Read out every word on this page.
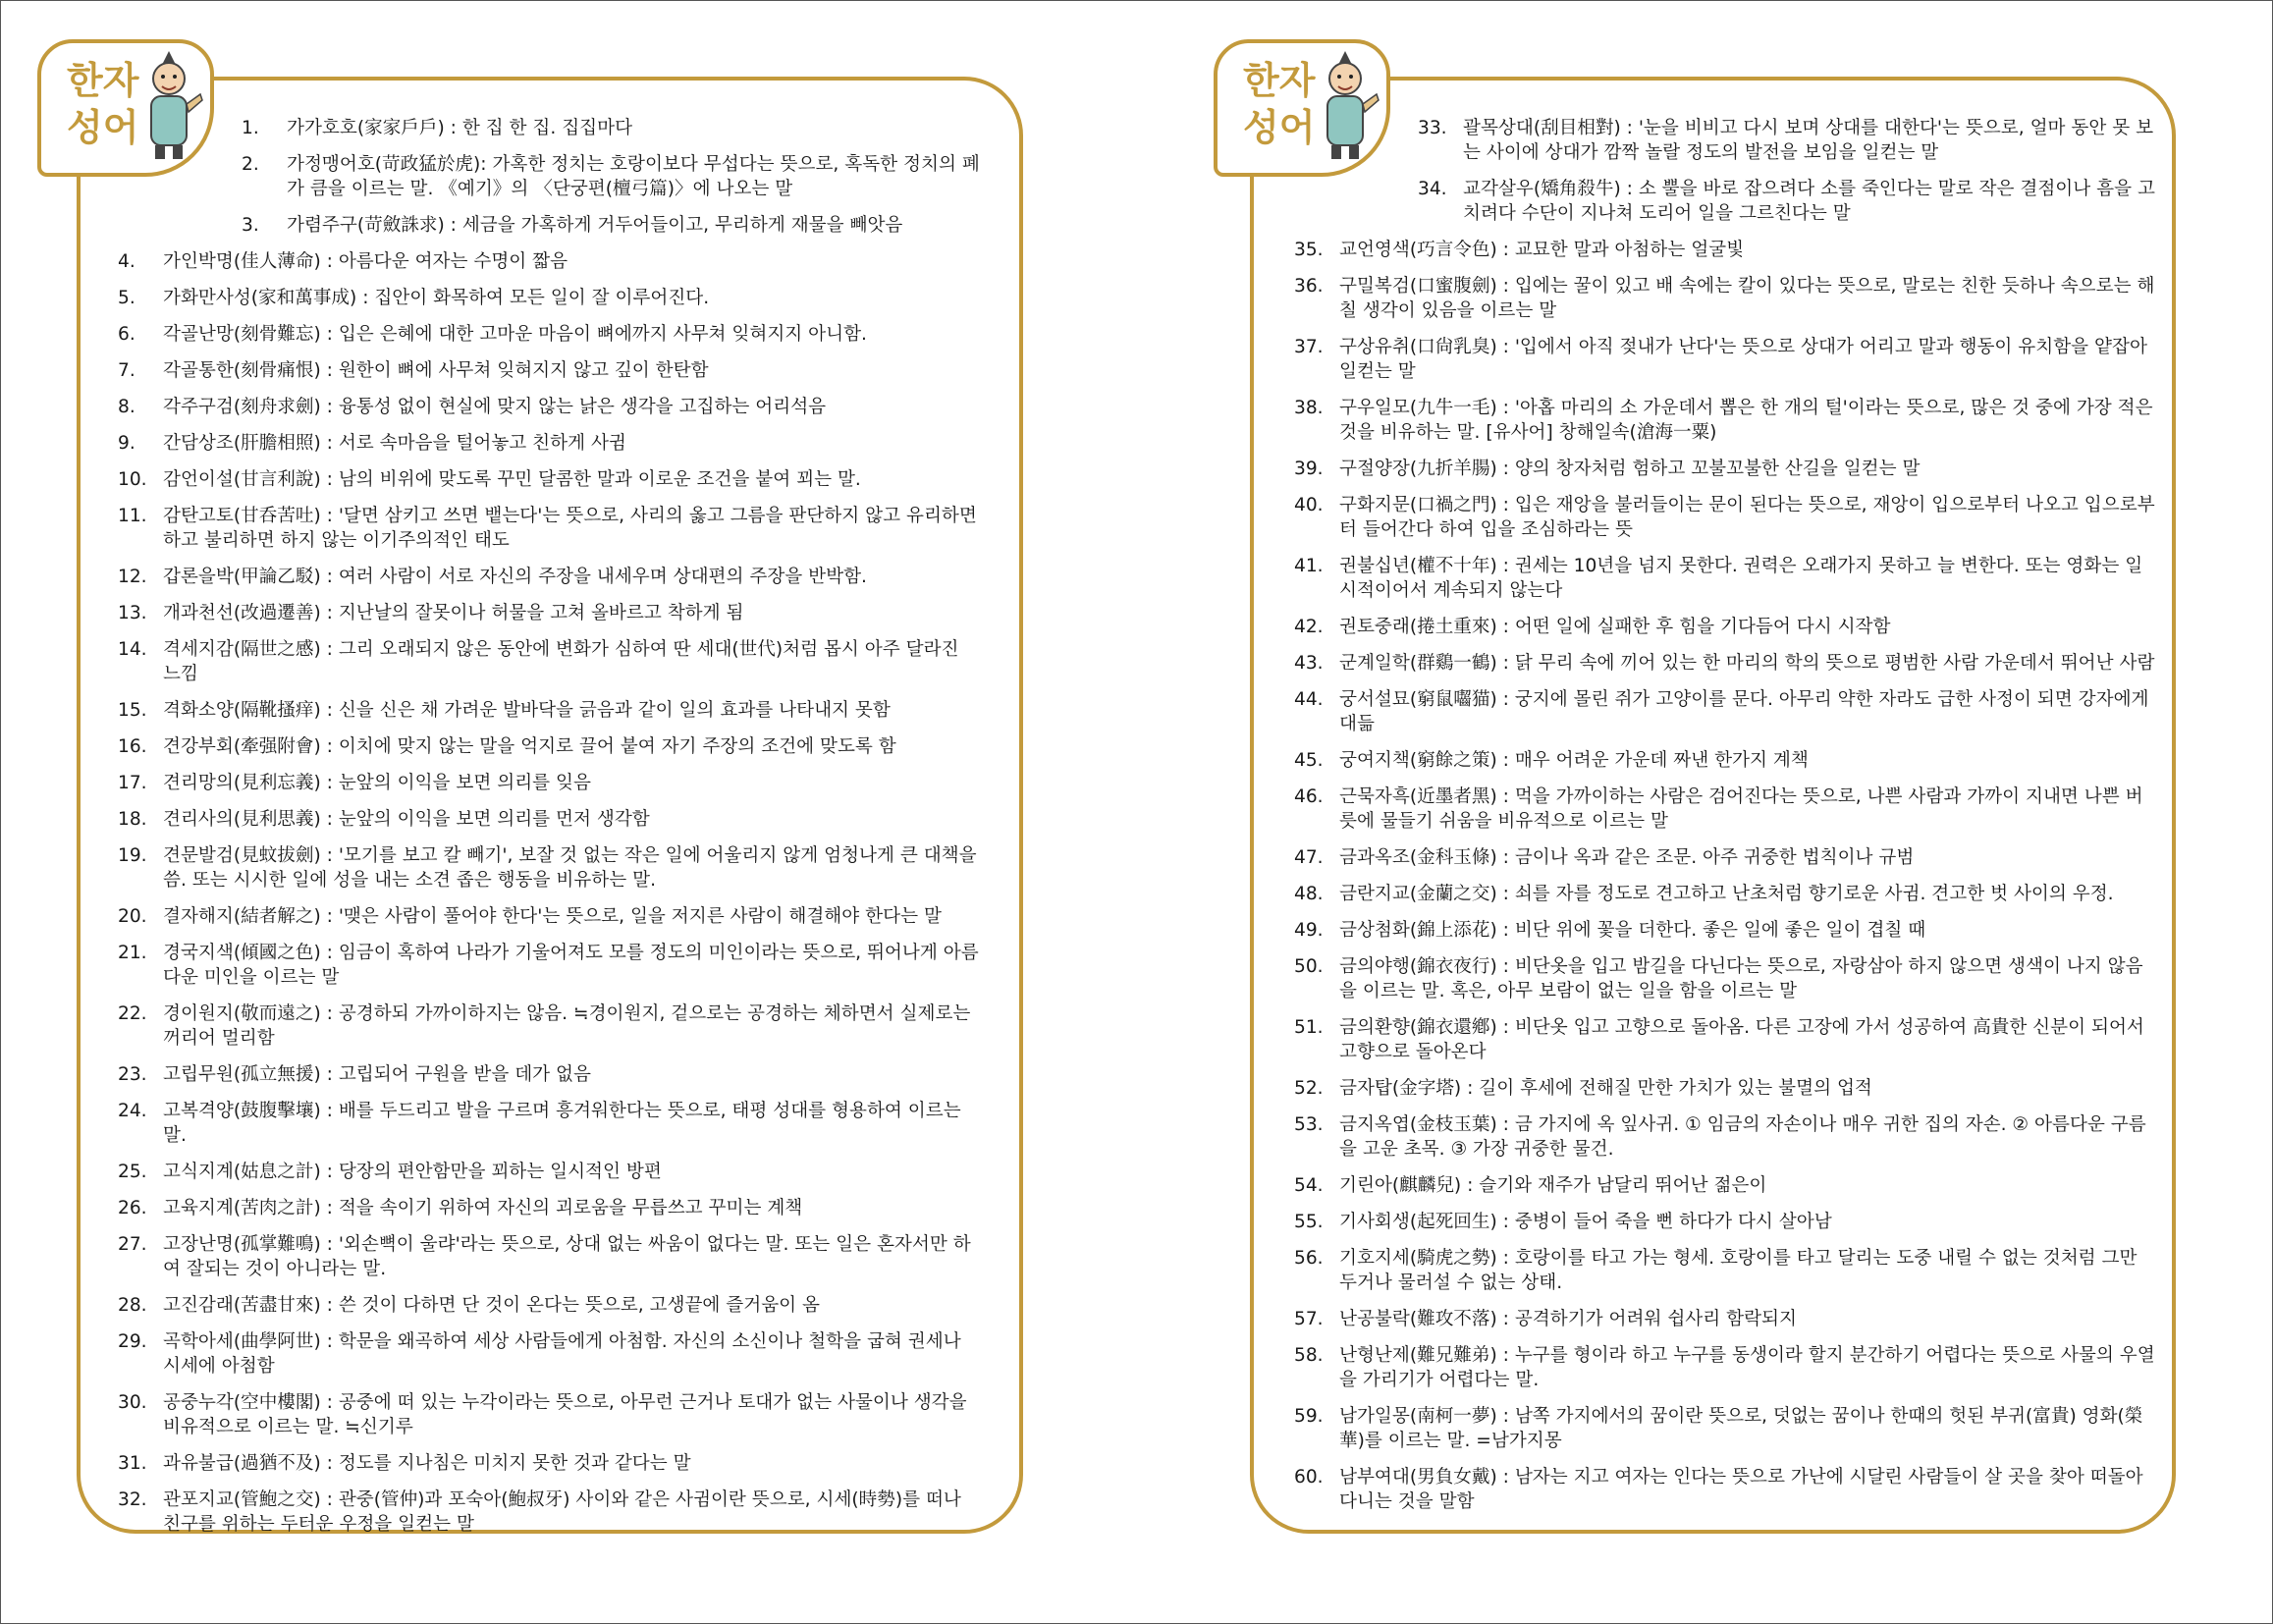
한자
성어	1.	가가호호(家家戶戶) : 한 집 한 집. 집집마다
2.	가정맹어호(苛政猛於虎): 가혹한 정치는 호랑이보다 무섭다는 뜻으로, 혹독한 정치의 폐가 큼을 이르는 말. 《예기》의 〈단궁편(檀弓篇)〉에 나오는 말
3.	가렴주구(苛斂誅求) : 세금을 가혹하게 거두어들이고, 무리하게 재물을 빼앗음
4.	가인박명(佳人薄命) : 아름다운 여자는 수명이 짧음
5.	가화만사성(家和萬事成) : 집안이 화목하여 모든 일이 잘 이루어진다.
6.	각골난망(刻骨難忘) : 입은 은혜에 대한 고마운 마음이 뼈에까지 사무쳐 잊혀지지 아니함.
7.	각골통한(刻骨痛恨) : 원한이 뼈에 사무쳐 잊혀지지 않고 깊이 한탄함
8.	각주구검(刻舟求劍) : 융통성 없이 현실에 맞지 않는 낡은 생각을 고집하는 어리석음
9.	간담상조(肝膽相照) : 서로 속마음을 털어놓고 친하게 사귐
10. 감언이설(甘言利說) : 남의 비위에 맞도록 꾸민 달콤한 말과 이로운 조건을 붙여 꾀는 말.
11. 감탄고토(甘呑苦吐) : '달면 삼키고 쓰면 뱉는다'는 뜻으로, 사리의 옳고 그름을 판단하지 않고 유리하면 하고 불리하면 하지 않는 이기주의적인 태도
12. 갑론을박(甲論乙駁) : 여러 사람이 서로 자신의 주장을 내세우며 상대편의 주장을 반박함.
13. 개과천선(改過遷善) : 지난날의 잘못이나 허물을 고쳐 올바르고 착하게 됨
14. 격세지감(隔世之感) : 그리 오래되지 않은 동안에 변화가 심하여 딴 세대(世代)처럼 몹시 아주 달라진 느낌
15. 격화소양(隔靴搔痒) : 신을 신은 채 가려운 발바닥을 긁음과 같이 일의 효과를 나타내지 못함
16. 견강부회(牽强附會) : 이치에 맞지 않는 말을 억지로 끌어 붙여 자기 주장의 조건에 맞도록 함
17. 견리망의(見利忘義) : 눈앞의 이익을 보면 의리를 잊음
18. 견리사의(見利思義) : 눈앞의 이익을 보면 의리를 먼저 생각함
19. 견문발검(見蚊拔劍) : '모기를 보고 칼 빼기', 보잘 것 없는 작은 일에 어울리지 않게 엄청나게 큰 대책을 씀. 또는 시시한 일에 성을 내는 소견 좁은 행동을 비유하는 말.
20. 결자해지(結者解之) : '맺은 사람이 풀어야 한다'는 뜻으로, 일을 저지른 사람이 해결해야 한다는 말
21. 경국지색(傾國之色) : 임금이 혹하여 나라가 기울어져도 모를 정도의 미인이라는 뜻으로, 뛰어나게 아름다운 미인을 이르는 말
22. 경이원지(敬而遠之) : 공경하되 가까이하지는 않음. ≒경이원지, 겉으로는 공경하는 체하면서 실제로는 꺼리어 멀리함
23. 고립무원(孤立無援) : 고립되어 구원을 받을 데가 없음
24. 고복격양(鼓腹擊壤) : 배를 두드리고 발을 구르며 흥겨워한다는 뜻으로, 태평 성대를 형용하여 이르는 말.
25. 고식지계(姑息之計) : 당장의 편안함만을 꾀하는 일시적인 방편
26. 고육지계(苦肉之計) : 적을 속이기 위하여 자신의 괴로움을 무릅쓰고 꾸미는 계책
27. 고장난명(孤掌難鳴) : '외손뼉이 울랴'라는 뜻으로, 상대 없는 싸움이 없다는 말. 또는 일은 혼자서만 하여 잘되는 것이 아니라는 말.
28. 고진감래(苦盡甘來) : 쓴 것이 다하면 단 것이 온다는 뜻으로, 고생끝에 즐거움이 옴
29. 곡학아세(曲學阿世) : 학문을 왜곡하여 세상 사람들에게 아첨함. 자신의 소신이나 철학을 굽혀 권세나 시세에 아첨함
30. 공중누각(空中樓閣) : 공중에 떠 있는 누각이라는 뜻으로, 아무런 근거나 토대가 없는 사물이나 생각을 비유적으로 이르는 말. ≒신기루
31. 과유불급(過猶不及) : 정도를 지나침은 미치지 못한 것과 같다는 말
32. 관포지교(管鮑之交) : 관중(管仲)과 포숙아(鮑叔牙) 사이와 같은 사귐이란 뜻으로, 시세(時勢)를 떠나 친구를 위하는 두터운 우정을 일컫는 말
한자
성어	33. 괄목상대(刮目相對) : '눈을 비비고 다시 보며 상대를 대한다'는 뜻으로, 얼마 동안 못 보는 사이에 상대가 깜짝 놀랄 정도의 발전을 보임을 일컫는 말
34. 교각살우(矯角殺牛) : 소 뿔을 바로 잡으려다 소를 죽인다는 말로 작은 결점이나 흠을 고치려다 수단이 지나쳐 도리어 일을 그르친다는 말
35. 교언영색(巧言令色) : 교묘한 말과 아첨하는 얼굴빛
36. 구밀복검(口蜜腹劍) : 입에는 꿀이 있고 배 속에는 칼이 있다는 뜻으로, 말로는 친한 듯하나 속으로는 해칠 생각이 있음을 이르는 말
37. 구상유취(口尙乳臭) : '입에서 아직 젖내가 난다'는 뜻으로 상대가 어리고 말과 행동이 유치함을 얕잡아 일컫는 말
38. 구우일모(九牛一毛) : '아홉 마리의 소 가운데서 뽑은 한 개의 털'이라는 뜻으로, 많은 것 중에 가장 적은 것을 비유하는 말. [유사어] 창해일속(滄海一粟)
39. 구절양장(九折羊腸) : 양의 창자처럼 험하고 꼬불꼬불한 산길을 일컫는 말
40. 구화지문(口禍之門) : 입은 재앙을 불러들이는 문이 된다는 뜻으로, 재앙이 입으로부터 나오고 입으로부터 들어간다 하여 입을 조심하라는 뜻
41. 권불십년(權不十年) : 권세는 10년을 넘지 못한다. 권력은 오래가지 못하고 늘 변한다. 또는 영화는 일시적이어서 계속되지 않는다
42. 권토중래(捲土重來) : 어떤 일에 실패한 후 힘을 기다듬어 다시 시작함
43. 군계일학(群鷄一鶴) : 닭 무리 속에 끼어 있는 한 마리의 학의 뜻으로 평범한 사람 가운데서 뛰어난 사람
44. 궁서설묘(窮鼠囓猫) : 궁지에 몰린 쥐가 고양이를 문다. 아무리 약한 자라도 급한 사정이 되면 강자에게 대듦
45. 궁여지책(窮餘之策) : 매우 어려운 가운데 짜낸 한가지 계책
46. 근묵자흑(近墨者黑) : 먹을 가까이하는 사람은 검어진다는 뜻으로, 나쁜 사람과 가까이 지내면 나쁜 버릇에 물들기 쉬움을 비유적으로 이르는 말
47. 금과옥조(金科玉條) : 금이나 옥과 같은 조문. 아주 귀중한 법칙이나 규범
48. 금란지교(金蘭之交) : 쇠를 자를 정도로 견고하고 난초처럼 향기로운 사귐. 견고한 벗 사이의 우정.
49. 금상첨화(錦上添花) : 비단 위에 꽃을 더한다. 좋은 일에 좋은 일이 겹칠 때
50. 금의야행(錦衣夜行) : 비단옷을 입고 밤길을 다닌다는 뜻으로, 자랑삼아 하지 않으면 생색이 나지 않음을 이르는 말. 혹은, 아무 보람이 없는 일을 함을 이르는 말
51. 금의환향(錦衣還鄕) : 비단옷 입고 고향으로 돌아옴. 다른 고장에 가서 성공하여 高貴한 신분이 되어서 고향으로 돌아온다
52. 금자탑(金字塔) : 길이 후세에 전해질 만한 가치가 있는 불멸의 업적
53. 금지옥엽(金枝玉葉) : 금 가지에 옥 잎사귀. ① 임금의 자손이나 매우 귀한 집의 자손. ② 아름다운 구름을 고운 초목. ③ 가장 귀중한 물건.
54. 기린아(麒麟兒) : 슬기와 재주가 남달리 뛰어난 젊은이
55. 기사회생(起死回生) : 중병이 들어 죽을 뻔 하다가 다시 살아남
56. 기호지세(騎虎之勢) : 호랑이를 타고 가는 형세. 호랑이를 타고 달리는 도중 내릴 수 없는 것처럼 그만 두거나 물러설 수 없는 상태.
57. 난공불락(難攻不落) : 공격하기가 어려워 쉽사리 함락되지
58. 난형난제(難兄難弟) : 누구를 형이라 하고 누구를 동생이라 할지 분간하기 어렵다는 뜻으로 사물의 우열을 가리기가 어렵다는 말.
59. 남가일몽(南柯一夢) : 남쪽 가지에서의 꿈이란 뜻으로, 덧없는 꿈이나 한때의 헛된 부귀(富貴) 영화(榮華)를 이르는 말. =남가지몽
60. 남부여대(男負女戴) : 남자는 지고 여자는 인다는 뜻으로 가난에 시달린 사람들이 살 곳을 찾아 떠돌아 다니는 것을 말함
